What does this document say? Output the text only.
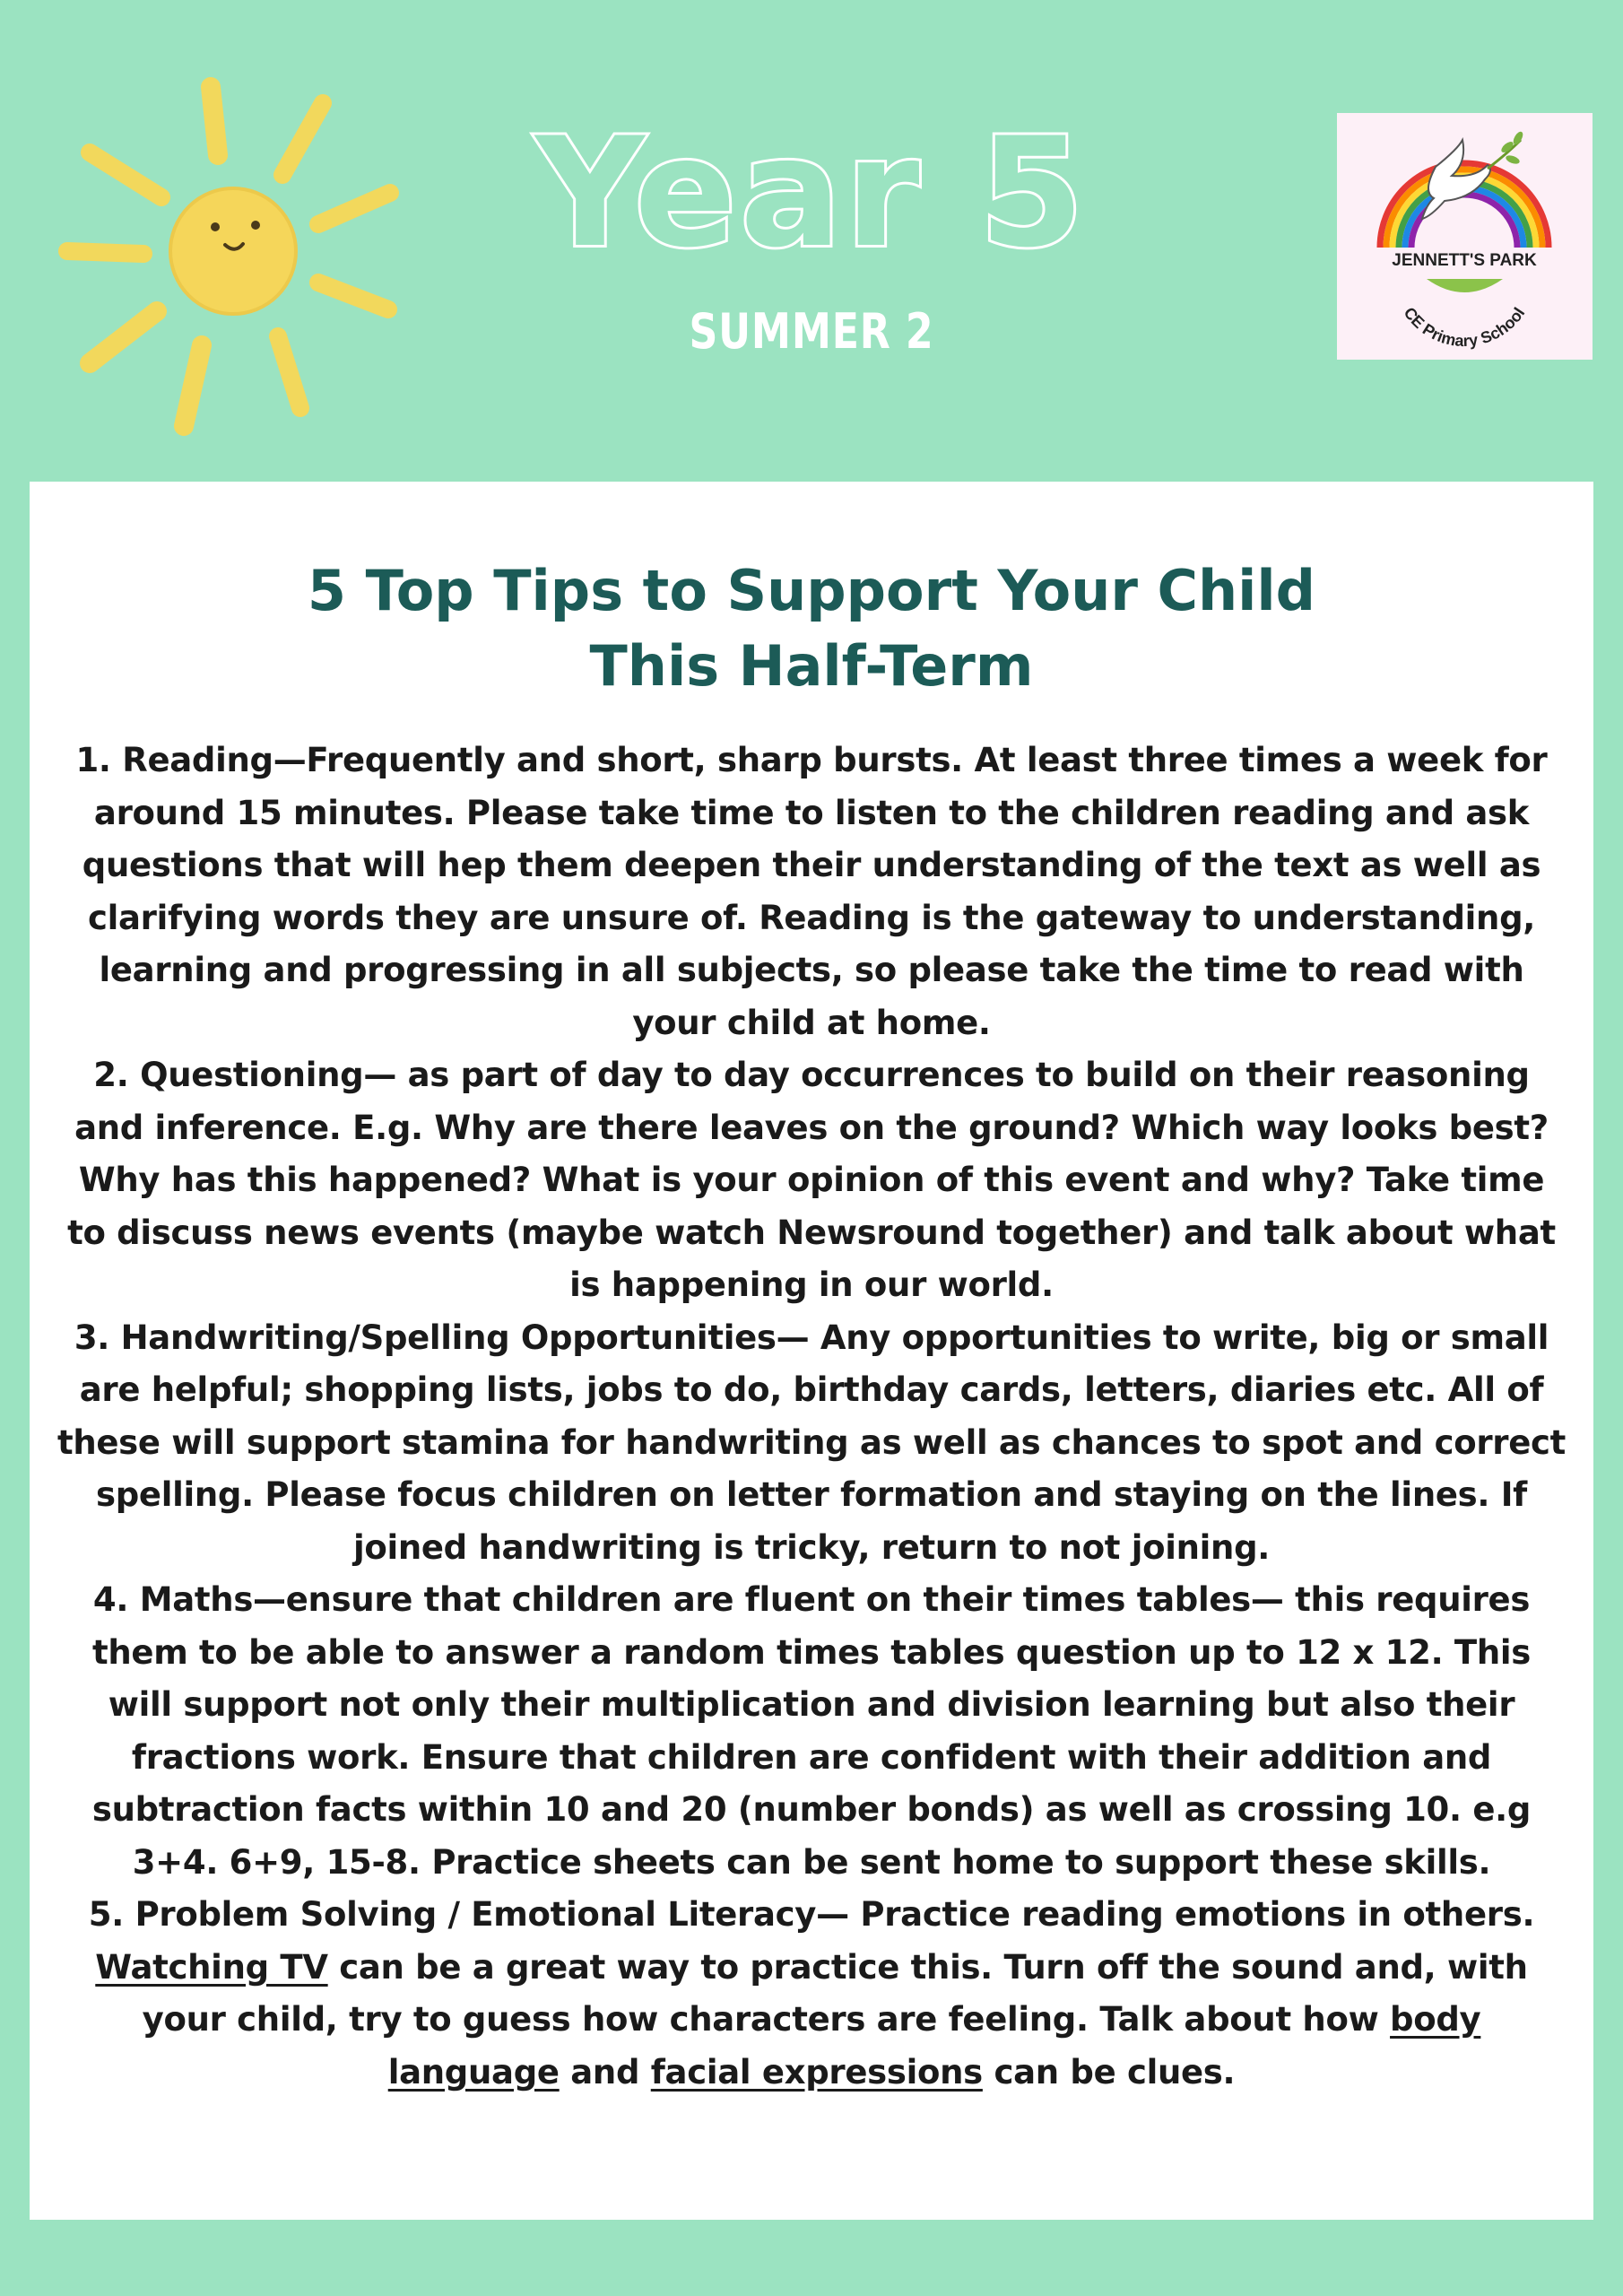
Year 5
SUMMER 2
JENNETT'S PARK
CE Primary School
5 Top Tips to Support Your Child
This Half-Term

1. Reading—Frequently and short, sharp bursts. At least three times a week for around 15 minutes. Please take time to listen to the children reading and ask questions that will hep them deepen their understanding of the text as well as clarifying words they are unsure of. Reading is the gateway to understanding, learning and progressing in all subjects, so please take the time to read with your child at home.

2. Questioning— as part of day to day occurrences to build on their reasoning and inference. E.g. Why are there leaves on the ground? Which way looks best? Why has this happened? What is your opinion of this event and why? Take time to discuss news events (maybe watch Newsround together) and talk about what is happening in our world.

3. Handwriting/Spelling Opportunities— Any opportunities to write, big or small are helpful; shopping lists, jobs to do, birthday cards, letters, diaries etc. All of these will support stamina for handwriting as well as chances to spot and correct spelling. Please focus children on letter formation and staying on the lines. If joined handwriting is tricky, return to not joining.

4. Maths—ensure that children are fluent on their times tables— this requires them to be able to answer a random times tables question up to 12 x 12. This will support not only their multiplication and division learning but also their fractions work. Ensure that children are confident with their addition and subtraction facts within 10 and 20 (number bonds) as well as crossing 10. e.g 3+4. 6+9, 15-8. Practice sheets can be sent home to support these skills.

5. Problem Solving / Emotional Literacy— Practice reading emotions in others. Watching TV can be a great way to practice this. Turn off the sound and, with your child, try to guess how characters are feeling. Talk about how body language and facial expressions can be clues.
